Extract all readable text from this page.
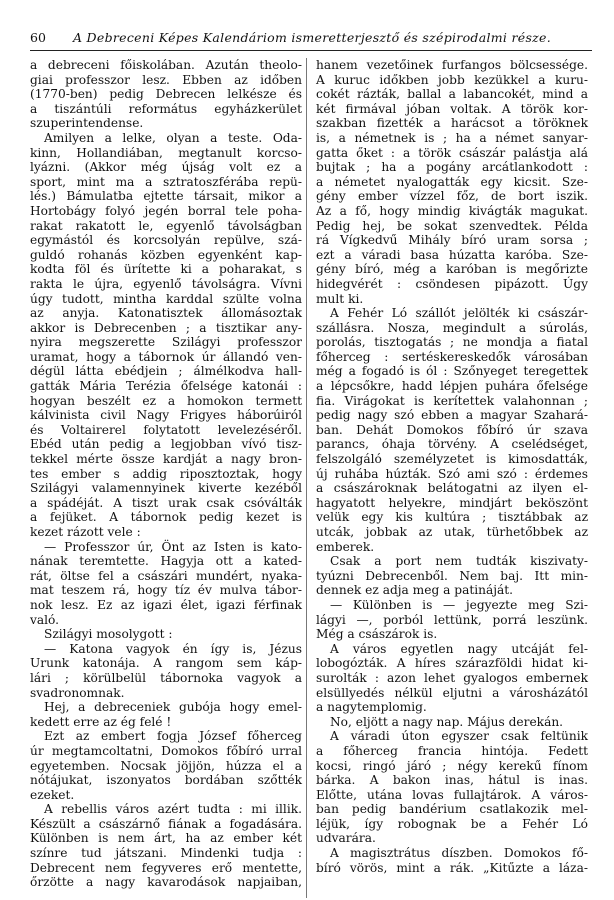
60	A Debreceni Képes Kalendáriom ismeretterjesztő és szépirodalmi része.
a debreceni főiskolában. Azután theolo-
giai professzor lesz. Ebben az időben
(1770-ben) pedig Debrecen lelkésze és
a tiszántúli református egyházkerület
szuperintendense.
Amilyen a lelke, olyan a teste. Oda-
kinn, Hollandiában, megtanult korcso-
lyázni. (Akkor még újság volt ez a
sport, mint ma a sztratoszférába repü-
lés.) Bámulatba ejtette társait, mikor a
Hortobágy folyó jegén borral tele poha-
rakat rakatott le, egyenlő távolságban
egymástól és korcsolyán repülve, szá-
guldó rohanás közben egyenként kap-
kodta föl és ürítette ki a poharakat, s
rakta le újra, egyenlő távolságra. Vívni
úgy tudott, mintha karddal szülte volna
az anyja. Katonatisztek állomásoztak
akkor is Debrecenben ; a tisztikar any-
nyira megszerette Szilágyi professzor
uramat, hogy a tábornok úr állandó ven-
dégül látta ebédjein ; álmélkodva hall-
gatták Mária Terézia őfelsége katonái :
hogyan beszélt ez a homokon termett
kálvinista civil Nagy Frigyes háborúiról
és Voltairerel folytatott levelezéséről.
Ebéd után pedig a legjobban vívó tisz-
tekkel mérte össze kardját a nagy bron-
tes ember s addig riposztoztak, hogy
Szilágyi valamennyinek kiverte kezéből
a spádéját. A tiszt urak csak csóválták
a fejüket. A tábornok pedig kezet is
kezet rázott vele :
— Professzor úr, Önt az Isten is kato-
nának teremtette. Hagyja ott a kated-
rát, öltse fel a császári mundért, nyaka-
mat teszem rá, hogy tíz év mulva tábor-
nok lesz. Ez az igazi élet, igazi férfinak
való.
Szilágyi mosolygott :
— Katona vagyok én így is, Jézus
Urunk katonája. A rangom sem káp-
lári ; körülbelül tábornoka vagyok a
svadronomnak.
Hej, a debreceniek gubója hogy emel-
kedett erre az ég felé !
Ezt az embert fogja József főherceg
úr megtamcoltatni, Domokos főbíró urral
egyetemben. Nocsak jöjjön, húzza el a
nótájukat, iszonyatos bordában szőtték
ezeket.
A rebellis város azért tudta : mi illik.
Készült a császárnő fiának a fogadására.
Különben is nem árt, ha az ember két
színre tud játszani. Mindenki tudja :
Debrecent nem fegyveres erő mentette,
őrzötte a nagy kavarodások napjaiban,
hanem vezetőinek furfangos bölcsessége.
A kuruc időkben jobb kezükkel a kuru-
cokét rázták, ballal a labancokét, mind a
két firmával jóban voltak. A török kor-
szakban fizették a harácsot a töröknek
is, a németnek is ; ha a német sanyar-
gatta őket : a török császár palástja alá
bujtak ; ha a pogány arcátlankodott :
a németet nyalogatták egy kicsit. Sze-
gény ember vízzel főz, de bort iszik.
Az a fő, hogy mindig kivágták magukat.
Pedig hej, be sokat szenvedtek. Példa
rá Vígkedvű Mihály bíró uram sorsa ;
ezt a váradi basa húzatta karóba. Sze-
gény bíró, még a karóban is megőrizte
hidegvérét : csöndesen pipázott. Úgy
mult ki.
A Fehér Ló szállót jelölték ki császár-
szállásra. Nosza, megindult a súrolás,
porolás, tisztogatás ; ne mondja a fiatal
főherceg : sertéskereskedők városában
még a fogadó is ól : Szőnyeget teregettek
a lépcsőkre, hadd lépjen puhára őfelsége
fia. Virágokat is kerítettek valahonnan ;
pedig nagy szó ebben a magyar Szahará-
ban. Dehát Domokos főbíró úr szava
parancs, óhaja törvény. A cselédséget,
felszolgáló személyzetet is kimosdatták,
új ruhába húzták. Szó ami szó : érdemes
a császároknak belátogatni az ilyen el-
hagyatott helyekre, mindjárt beköszönt
velük egy kis kultúra ; tisztábbak az
utcák, jobbak az utak, türhetőbbek az
emberek.
Csak a port nem tudták kiszivaty-
tyúzni Debrecenből. Nem baj. Itt min-
dennek ez adja meg a patináját.
— Különben is — jegyezte meg Szi-
lágyi —, porból lettünk, porrá leszünk.
Még a császárok is.
A város egyetlen nagy utcáját fel-
lobogózták. A híres szárazföldi hidat ki-
surolták : azon lehet gyalogos embernek
elsüllyedés nélkül eljutni a városházától
a nagytemplomig.
No, eljött a nagy nap. Május derekán.
A váradi úton egyszer csak feltünik
a főherceg francia hintója. Fedett
kocsi, ringó járó ; négy kerekű fínom
bárka. A bakon inas, hátul is inas.
Előtte, utána lovas fullajtárok. A város-
ban pedig bandérium csatlakozik mel-
léjük, így robognak be a Fehér Ló
udvarára.
A magisztrátus díszben. Domokos fő-
bíró vörös, mint a rák. „Kitűzte a láza-
